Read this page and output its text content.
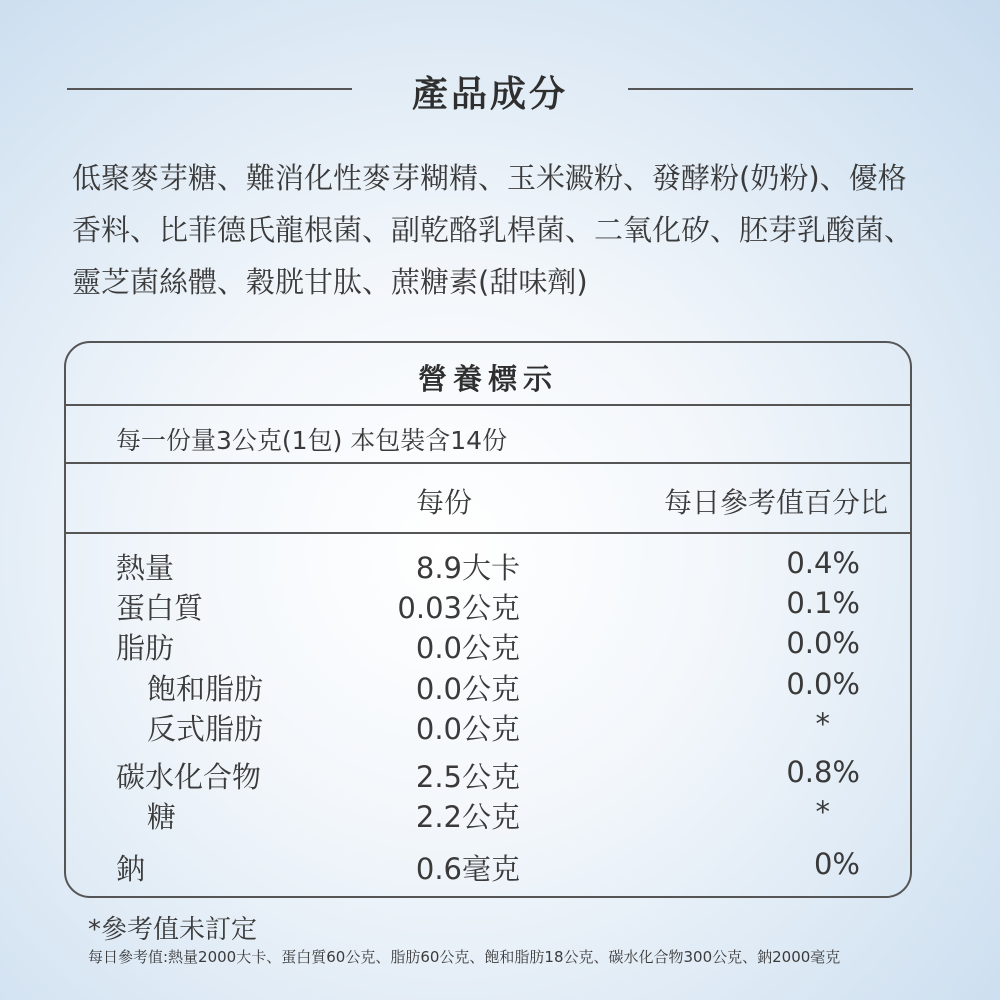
產品成分
低聚麥芽糖、難消化性麥芽糊精、玉米澱粉、發酵粉(奶粉)、優格
香料、比菲德氏龍根菌、副乾酪乳桿菌、二氧化矽、胚芽乳酸菌、
靈芝菌絲體、穀胱甘肽、蔗糖素(甜味劑)
營養標示
每一份量3公克(1包) 本包裝含14份
每份	每日參考值百分比
熱量	8.9大卡	0.4%
蛋白質	0.03公克	0.1%
脂肪	0.0公克	0.0%
飽和脂肪	0.0公克	0.0%
反式脂肪	0.0公克	*
碳水化合物	2.5公克	0.8%
糖	2.2公克	*
鈉	0.6毫克	0%
*參考值未訂定
每日參考值:熱量2000大卡、蛋白質60公克、脂肪60公克、飽和脂肪18公克、碳水化合物300公克、鈉2000毫克
